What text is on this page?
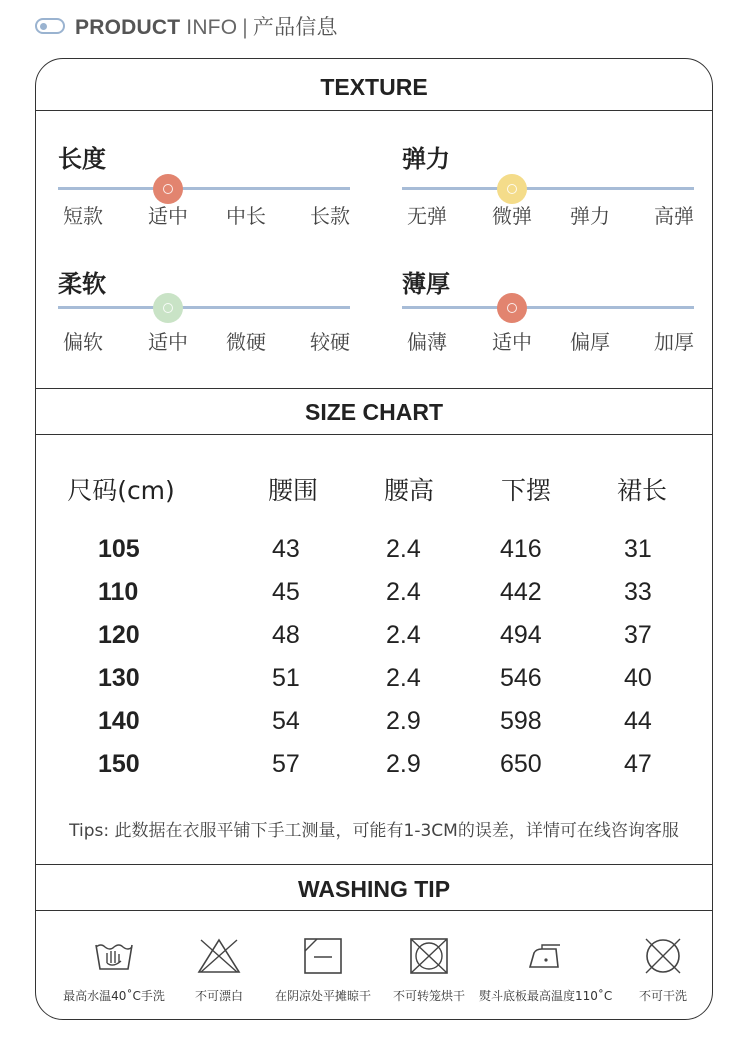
PRODUCT INFO | 产品信息
TEXTURE
长度
短款	适中	中长	长款
弹力
无弹	微弹	弹力	高弹
柔软
偏软	适中	微硬	较硬
薄厚
偏薄	适中	偏厚	加厚
SIZE CHART
尺码(cm)	腰围	腰高	下摆	裙长
105	43	2.4	416	31
110	45	2.4	442	33
120	48	2.4	494	37
130	51	2.4	546	40
140	54	2.9	598	44
150	57	2.9	650	47
Tips: 此数据在衣服平铺下手工测量，可能有1-3CM的误差，详情可在线咨询客服
WASHING TIP
最高水温40˚C手洗	不可漂白	在阴凉处平摊晾干	不可转笼烘干	熨斗底板最高温度110˚C	不可干洗
